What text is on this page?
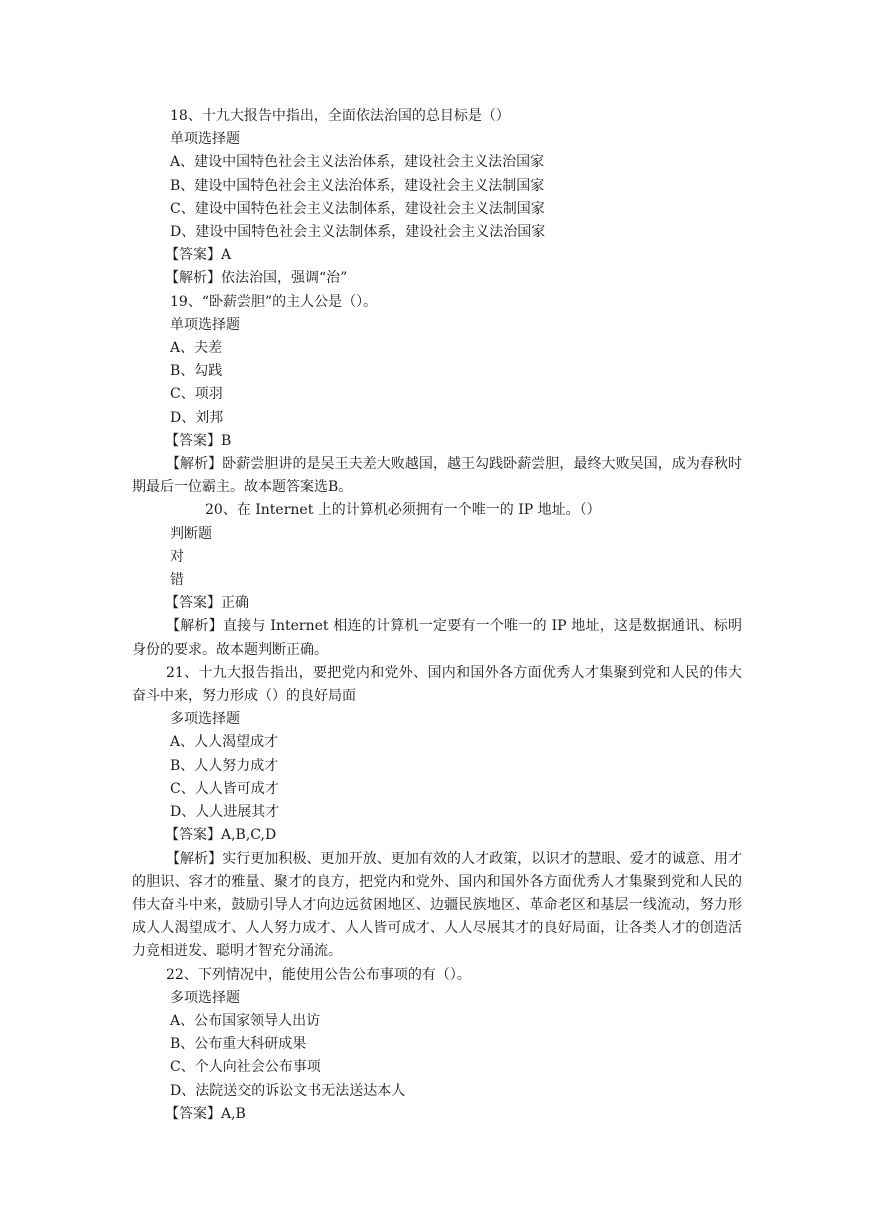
18、十九大报告中指出，全面依法治国的总目标是（）
单项选择题
A、建设中国特色社会主义法治体系，建设社会主义法治国家
B、建设中国特色社会主义法治体系，建设社会主义法制国家
C、建设中国特色社会主义法制体系，建设社会主义法制国家
D、建设中国特色社会主义法制体系，建设社会主义法治国家
【答案】A
【解析】依法治国，强调“治”
19、“卧薪尝胆”的主人公是（）。
单项选择题
A、夫差
B、勾践
C、项羽
D、刘邦
【答案】B
【解析】卧薪尝胆讲的是吴王夫差大败越国，越王勾践卧薪尝胆，最终大败吴国，成为春秋时期最后一位霸主。故本题答案选B。
20、在 Internet 上的计算机必须拥有一个唯一的 IP 地址。（）
判断题
对
错
【答案】正确
【解析】直接与 Internet 相连的计算机一定要有一个唯一的 IP 地址，这是数据通讯、标明身份的要求。故本题判断正确。
21、十九大报告指出，要把党内和党外、国内和国外各方面优秀人才集聚到党和人民的伟大奋斗中来，努力形成（）的良好局面
多项选择题
A、人人渴望成才
B、人人努力成才
C、人人皆可成才
D、人人进展其才
【答案】A,B,C,D
【解析】实行更加积极、更加开放、更加有效的人才政策，以识才的慧眼、爱才的诚意、用才的胆识、容才的雅量、聚才的良方，把党内和党外、国内和国外各方面优秀人才集聚到党和人民的伟大奋斗中来，鼓励引导人才向边远贫困地区、边疆民族地区、革命老区和基层一线流动，努力形成人人渴望成才、人人努力成才、人人皆可成才、人人尽展其才的良好局面，让各类人才的创造活力竞相迸发、聪明才智充分涌流。
22、下列情况中，能使用公告公布事项的有（）。
多项选择题
A、公布国家领导人出访
B、公布重大科研成果
C、个人向社会公布事项
D、法院送交的诉讼文书无法送达本人
【答案】A,B
